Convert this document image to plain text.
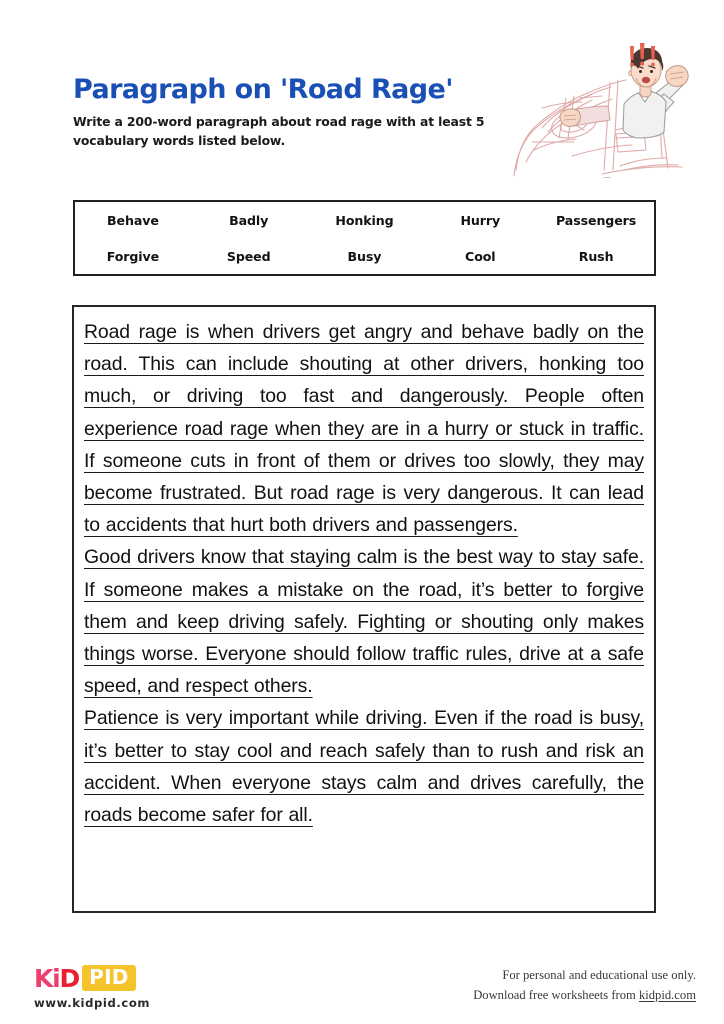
Paragraph on 'Road Rage'

Write a 200-word paragraph about road rage with at least 5 vocabulary words listed below.

Behave	Badly	Honking	Hurry	Passengers
Forgive	Speed	Busy	Cool	Rush

Road rage is when drivers get angry and behave badly on the road. This can include shouting at other drivers, honking too much, or driving too fast and dangerously. People often experience road rage when they are in a hurry or stuck in traffic. If someone cuts in front of them or drives too slowly, they may become frustrated. But road rage is very dangerous. It can lead to accidents that hurt both drivers and passengers.

Good drivers know that staying calm is the best way to stay safe. If someone makes a mistake on the road, it’s better to forgive them and keep driving safely. Fighting or shouting only makes things worse. Everyone should follow traffic rules, drive at a safe speed, and respect others.

Patience is very important while driving. Even if the road is busy, it’s better to stay cool and reach safely than to rush and risk an accident. When everyone stays calm and drives carefully, the roads become safer for all.

KiD PID
www.kidpid.com
For personal and educational use only.
Download free worksheets from kidpid.com
